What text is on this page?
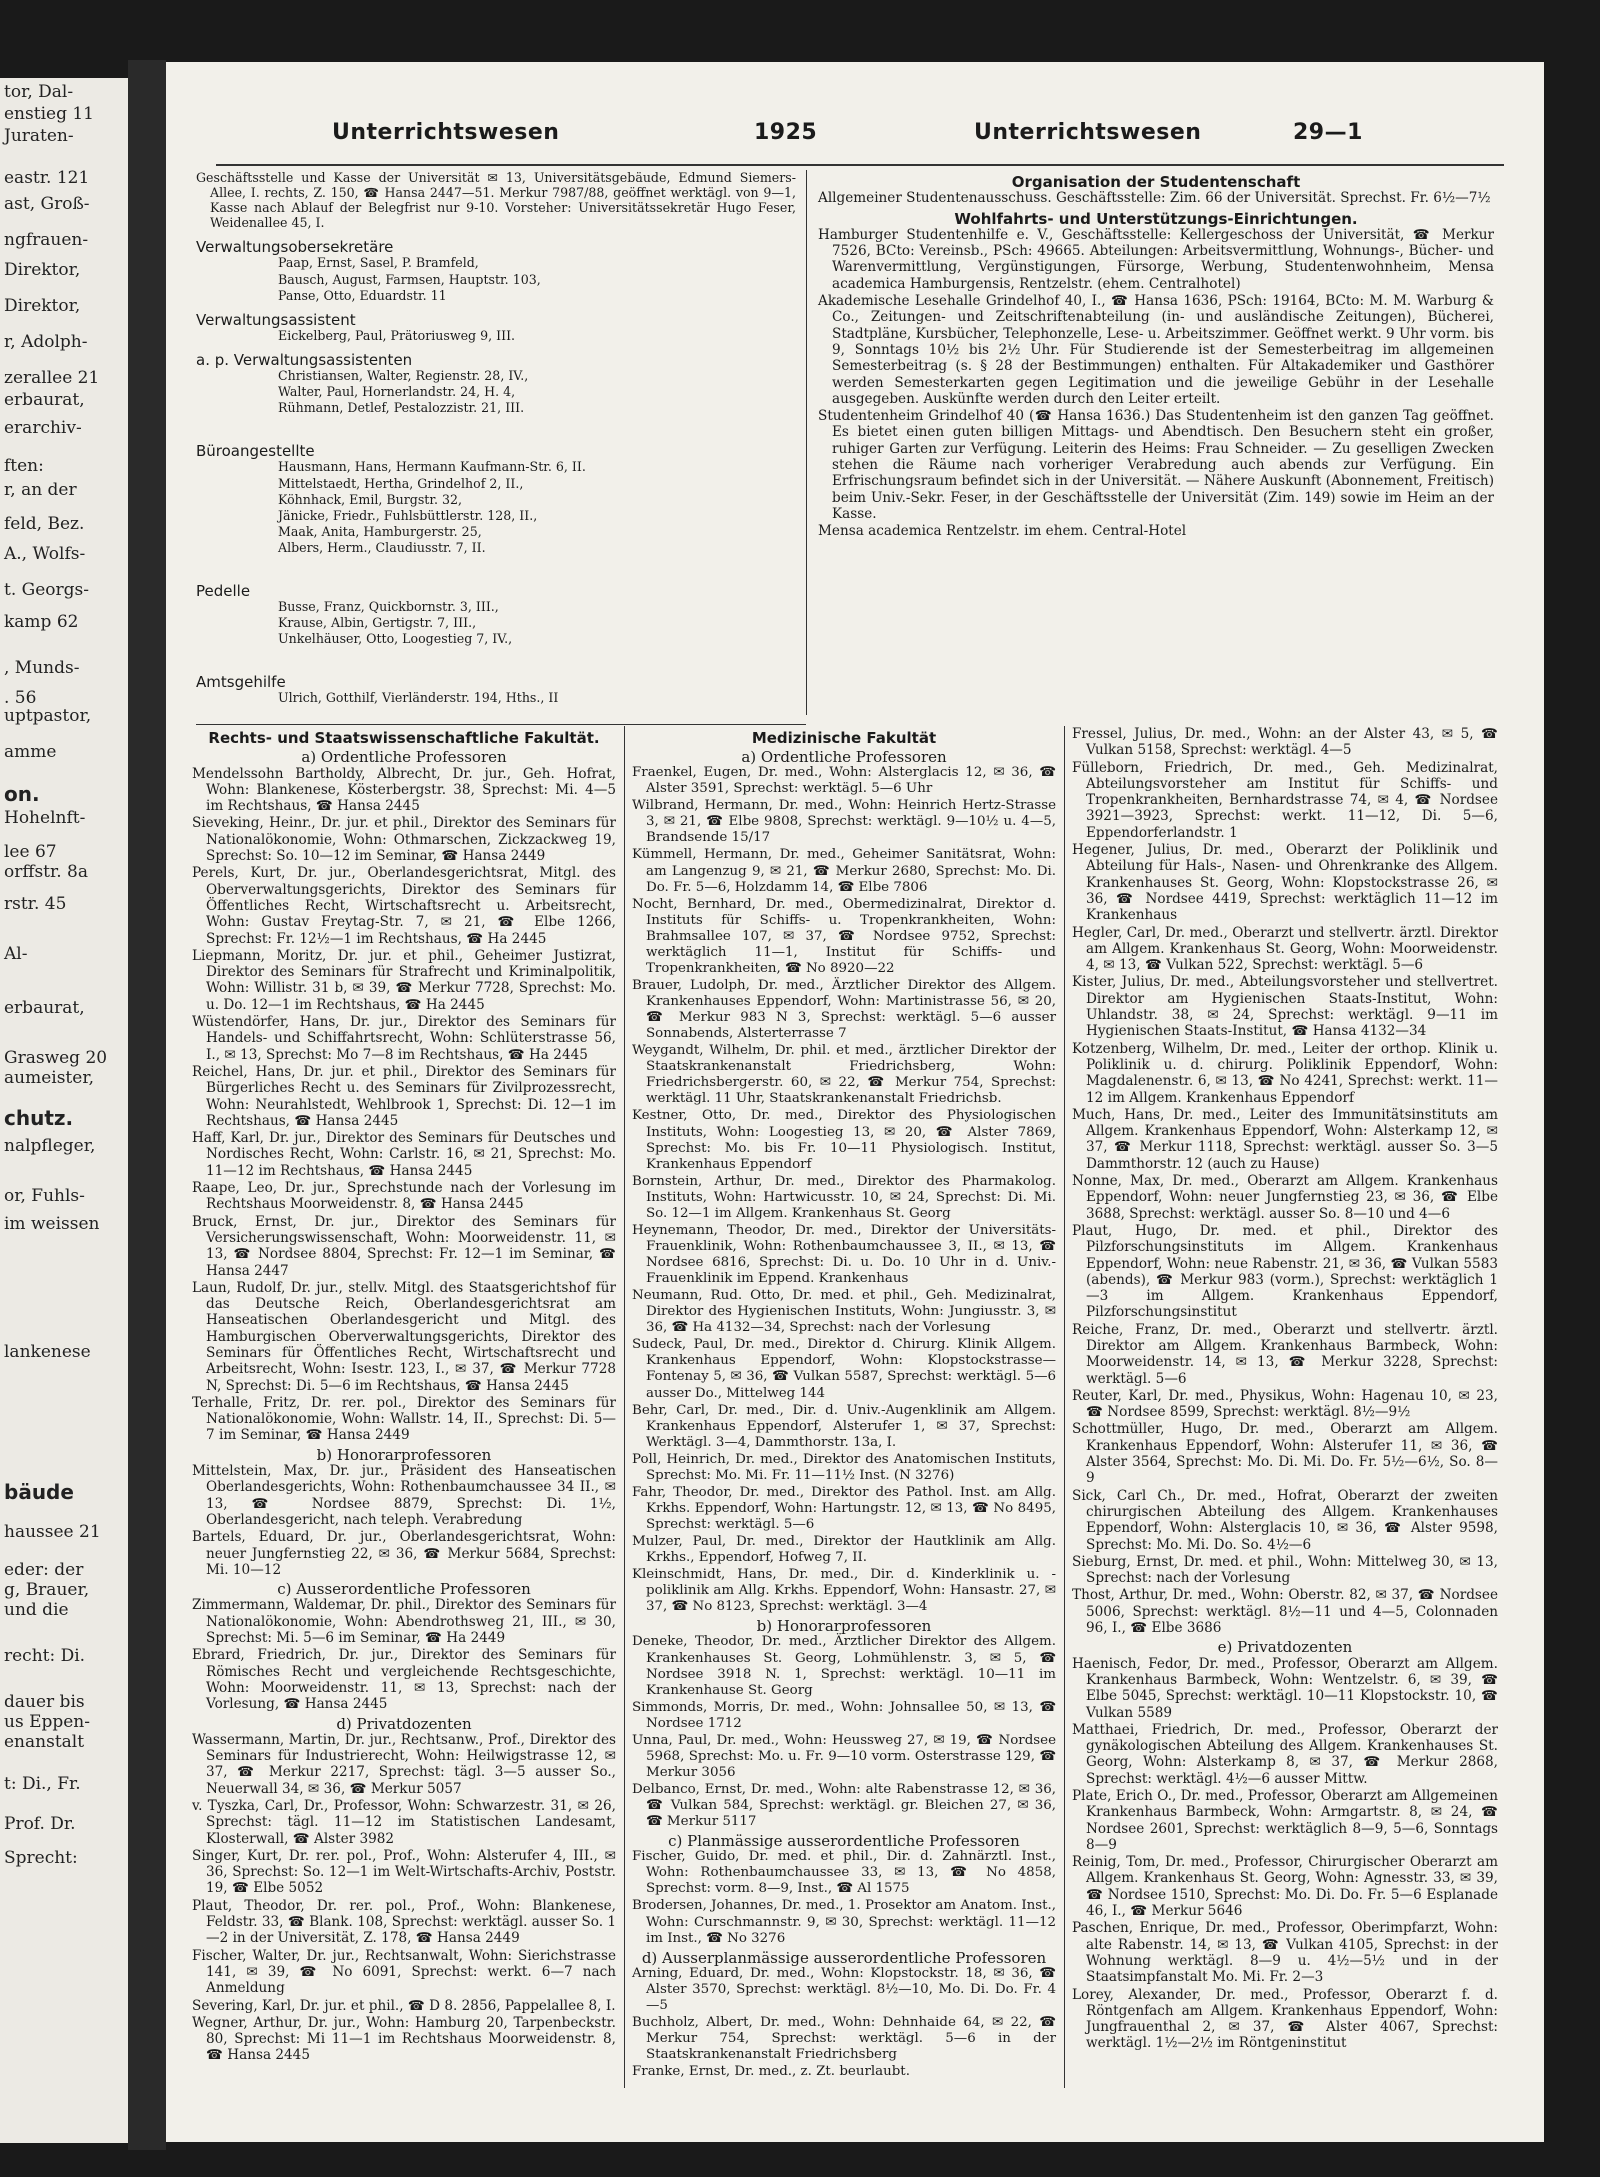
tor, Dal-
enstieg 11
Juraten-
eastr. 121
ast, Groß-
ngfrauen-
Direktor,
Direktor,
r, Adolph-
zerallee 21
erbaurat,
erarchiv-
ften:
r, an der
feld, Bez.
A., Wolfs-
t. Georgs-
kamp 62
, Munds-
. 56
uptpastor,
amme
on.
Hohelnft-
lee 67
orffstr. 8a
rstr. 45
Al-
erbaurat,
Grasweg 20
aumeister,
chutz.
nalpfleger,
or, Fuhls-
im weissen
lankenese
bäude
haussee 21
eder: der
g, Brauer,
und die
recht: Di.
dauer bis
us Eppen-
enanstalt
t: Di., Fr.
Prof. Dr.
Sprecht:
Unterrichtswesen	1925	Unterrichtswesen	29—1
Geschäftsstelle und Kasse der Universität ✉ 13, Universitätsgebäude, Edmund Siemers-Allee, I. rechts, Z. 150, ☎ Hansa 2447—51. Merkur 7987/88, geöffnet werktägl. von 9—1, Kasse nach Ablauf der Belegfrist nur 9-10. Vorsteher: Universitätssekretär Hugo Feser, Weidenallee 45, I.
Verwaltungsobersekretäre
Paap, Ernst, Sasel, P. Bramfeld,
Bausch, August, Farmsen, Hauptstr. 103,
Panse, Otto, Eduardstr. 11
Verwaltungsassistent
Eickelberg, Paul, Prätoriusweg 9, III.
a. p. Verwaltungsassistenten
Christiansen, Walter, Regienstr. 28, IV.,
Walter, Paul, Hornerlandstr. 24, H. 4,
Rühmann, Detlef, Pestalozzistr. 21, III.
Büroangestellte
Hausmann, Hans, Hermann Kaufmann-Str. 6, II.
Mittelstaedt, Hertha, Grindelhof 2, II.,
Köhnhack, Emil, Burgstr. 32,
Jänicke, Friedr., Fuhlsbüttlerstr. 128, II.,
Maak, Anita, Hamburgerstr. 25,
Albers, Herm., Claudiusstr. 7, II.
Pedelle
Busse, Franz, Quickbornstr. 3, III.,
Krause, Albin, Gertigstr. 7, III.,
Unkelhäuser, Otto, Loogestieg 7, IV.,
Amtsgehilfe
Ulrich, Gotthilf, Vierländerstr. 194, Hths., II
Organisation der Studentenschaft
Allgemeiner Studentenausschuss. Geschäftsstelle: Zim. 66 der Universität. Sprechst. Fr. 6½—7½
Wohlfahrts- und Unterstützungs-Einrichtungen.
Hamburger Studentenhilfe e. V., Geschäftsstelle: Kellergeschoss der Universität, ☎ Merkur 7526, BCto: Vereinsb., PSch: 49665. Abteilungen: Arbeitsvermittlung, Wohnungs-, Bücher- und Warenvermittlung, Vergünstigungen, Fürsorge, Werbung, Studentenwohnheim, Mensa academica Hamburgensis, Rentzelstr. (ehem. Centralhotel)
Akademische Lesehalle Grindelhof 40, I., ☎ Hansa 1636, PSch: 19164, BCto: M. M. Warburg & Co., Zeitungen- und Zeitschriftenabteilung (in- und ausländische Zeitungen), Bücherei, Stadtpläne, Kursbücher, Telephonzelle, Lese- u. Arbeitszimmer. Geöffnet werkt. 9 Uhr vorm. bis 9, Sonntags 10½ bis 2½ Uhr. Für Studierende ist der Semesterbeitrag im allgemeinen Semesterbeitrag (s. § 28 der Bestimmungen) enthalten. Für Altakademiker und Gasthörer werden Semesterkarten gegen Legitimation und die jeweilige Gebühr in der Lesehalle ausgegeben. Auskünfte werden durch den Leiter erteilt.
Studentenheim Grindelhof 40 (☎ Hansa 1636.) Das Studentenheim ist den ganzen Tag geöffnet. Es bietet einen guten billigen Mittags- und Abendtisch. Den Besuchern steht ein großer, ruhiger Garten zur Verfügung. Leiterin des Heims: Frau Schneider. — Zu geselligen Zwecken stehen die Räume nach vorheriger Verabredung auch abends zur Verfügung. Ein Erfrischungsraum befindet sich in der Universität. — Nähere Auskunft (Abonnement, Freitisch) beim Univ.-Sekr. Feser, in der Geschäftsstelle der Universität (Zim. 149) sowie im Heim an der Kasse.
Mensa academica Rentzelstr. im ehem. Central-Hotel
Rechts- und Staatswissenschaftliche Fakultät.
a) Ordentliche Professoren
Mendelssohn Bartholdy, Albrecht, Dr. jur., Geh. Hofrat, Wohn: Blankenese, Kösterbergstr. 38, Sprechst: Mi. 4—5 im Rechtshaus, ☎ Hansa 2445
Sieveking, Heinr., Dr. jur. et phil., Direktor des Seminars für Nationalökonomie, Wohn: Othmarschen, Zickzackweg 19, Sprechst: So. 10—12 im Seminar, ☎ Hansa 2449
Perels, Kurt, Dr. jur., Oberlandesgerichtsrat, Mitgl. des Oberverwaltungsgerichts, Direktor des Seminars für Öffentliches Recht, Wirtschaftsrecht u. Arbeitsrecht, Wohn: Gustav Freytag-Str. 7, ✉ 21, ☎ Elbe 1266, Sprechst: Fr. 12½—1 im Rechtshaus, ☎ Ha 2445
Liepmann, Moritz, Dr. jur. et phil., Geheimer Justizrat, Direktor des Seminars für Strafrecht und Kriminalpolitik, Wohn: Willistr. 31 b, ✉ 39, ☎ Merkur 7728, Sprechst: Mo. u. Do. 12—1 im Rechtshaus, ☎ Ha 2445
Wüstendörfer, Hans, Dr. jur., Direktor des Seminars für Handels- und Schiffahrtsrecht, Wohn: Schlüterstrasse 56, I., ✉ 13, Sprechst: Mo 7—8 im Rechtshaus, ☎ Ha 2445
Reichel, Hans, Dr. jur. et phil., Direktor des Seminars für Bürgerliches Recht u. des Seminars für Zivilprozessrecht, Wohn: Neurahlstedt, Wehlbrook 1, Sprechst: Di. 12—1 im Rechtshaus, ☎ Hansa 2445
Haff, Karl, Dr. jur., Direktor des Seminars für Deutsches und Nordisches Recht, Wohn: Carlstr. 16, ✉ 21, Sprechst: Mo. 11—12 im Rechtshaus, ☎ Hansa 2445
Raape, Leo, Dr. jur., Sprechstunde nach der Vorlesung im Rechtshaus Moorweidenstr. 8, ☎ Hansa 2445
Bruck, Ernst, Dr. jur., Direktor des Seminars für Versicherungswissenschaft, Wohn: Moorweidenstr. 11, ✉ 13, ☎ Nordsee 8804, Sprechst: Fr. 12—1 im Seminar, ☎ Hansa 2447
Laun, Rudolf, Dr. jur., stellv. Mitgl. des Staatsgerichtshof für das Deutsche Reich, Oberlandesgerichtsrat am Hanseatischen Oberlandesgericht und Mitgl. des Hamburgischen Oberverwaltungsgerichts, Direktor des Seminars für Öffentliches Recht, Wirtschaftsrecht und Arbeitsrecht, Wohn: Isestr. 123, I., ✉ 37, ☎ Merkur 7728 N, Sprechst: Di. 5—6 im Rechtshaus, ☎ Hansa 2445
Terhalle, Fritz, Dr. rer. pol., Direktor des Seminars für Nationalökonomie, Wohn: Wallstr. 14, II., Sprechst: Di. 5—7 im Seminar, ☎ Hansa 2449
b) Honorarprofessoren
Mittelstein, Max, Dr. jur., Präsident des Hanseatischen Oberlandesgerichts, Wohn: Rothenbaumchaussee 34 II., ✉ 13, ☎ Nordsee 8879, Sprechst: Di. 1½, Oberlandesgericht, nach teleph. Verabredung
Bartels, Eduard, Dr. jur., Oberlandesgerichtsrat, Wohn: neuer Jungfernstieg 22, ✉ 36, ☎ Merkur 5684, Sprechst: Mi. 10—12
c) Ausserordentliche Professoren
Zimmermann, Waldemar, Dr. phil., Direktor des Seminars für Nationalökonomie, Wohn: Abendrothsweg 21, III., ✉ 30, Sprechst: Mi. 5—6 im Seminar, ☎ Ha 2449
Ebrard, Friedrich, Dr. jur., Direktor des Seminars für Römisches Recht und vergleichende Rechtsgeschichte, Wohn: Moorweidenstr. 11, ✉ 13, Sprechst: nach der Vorlesung, ☎ Hansa 2445
d) Privatdozenten
Wassermann, Martin, Dr. jur., Rechtsanw., Prof., Direktor des Seminars für Industrierecht, Wohn: Heilwigstrasse 12, ✉ 37, ☎ Merkur 2217, Sprechst: tägl. 3—5 ausser So., Neuerwall 34, ✉ 36, ☎ Merkur 5057
v. Tyszka, Carl, Dr., Professor, Wohn: Schwarzestr. 31, ✉ 26, Sprechst: tägl. 11—12 im Statistischen Landesamt, Klosterwall, ☎ Alster 3982
Singer, Kurt, Dr. rer. pol., Prof., Wohn: Alsterufer 4, III., ✉ 36, Sprechst: So. 12—1 im Welt-Wirtschafts-Archiv, Poststr. 19, ☎ Elbe 5052
Plaut, Theodor, Dr. rer. pol., Prof., Wohn: Blankenese, Feldstr. 33, ☎ Blank. 108, Sprechst: werktägl. ausser So. 1—2 in der Universität, Z. 178, ☎ Hansa 2449
Fischer, Walter, Dr. jur., Rechtsanwalt, Wohn: Sierichstrasse 141, ✉ 39, ☎ No 6091, Sprechst: werkt. 6—7 nach Anmeldung
Severing, Karl, Dr. jur. et phil., ☎ D 8. 2856, Pappelallee 8, I.
Wegner, Arthur, Dr. jur., Wohn: Hamburg 20, Tarpenbeckstr. 80, Sprechst: Mi 11—1 im Rechtshaus Moorweidenstr. 8, ☎ Hansa 2445
Medizinische Fakultät
a) Ordentliche Professoren
Fraenkel, Eugen, Dr. med., Wohn: Alsterglacis 12, ✉ 36, ☎ Alster 3591, Sprechst: werktägl. 5—6 Uhr
Wilbrand, Hermann, Dr. med., Wohn: Heinrich Hertz-Strasse 3, ✉ 21, ☎ Elbe 9808, Sprechst: werktägl. 9—10½ u. 4—5, Brandsende 15/17
Kümmell, Hermann, Dr. med., Geheimer Sanitätsrat, Wohn: am Langenzug 9, ✉ 21, ☎ Merkur 2680, Sprechst: Mo. Di. Do. Fr. 5—6, Holzdamm 14, ☎ Elbe 7806
Nocht, Bernhard, Dr. med., Obermedizinalrat, Direktor d. Instituts für Schiffs- u. Tropenkrankheiten, Wohn: Brahmsallee 107, ✉ 37, ☎ Nordsee 9752, Sprechst: werktäglich 11—1, Institut für Schiffs- und Tropenkrankheiten, ☎ No 8920—22
Brauer, Ludolph, Dr. med., Ärztlicher Direktor des Allgem. Krankenhauses Eppendorf, Wohn: Martinistrasse 56, ✉ 20, ☎ Merkur 983 N 3, Sprechst: werktägl. 5—6 ausser Sonnabends, Alsterterrasse 7
Weygandt, Wilhelm, Dr. phil. et med., ärztlicher Direktor der Staatskrankenanstalt Friedrichsberg, Wohn: Friedrichsbergerstr. 60, ✉ 22, ☎ Merkur 754, Sprechst: werktägl. 11 Uhr, Staatskrankenanstalt Friedrichsb.
Kestner, Otto, Dr. med., Direktor des Physiologischen Instituts, Wohn: Loogestieg 13, ✉ 20, ☎ Alster 7869, Sprechst: Mo. bis Fr. 10—11 Physiologisch. Institut, Krankenhaus Eppendorf
Bornstein, Arthur, Dr. med., Direktor des Pharmakolog. Instituts, Wohn: Hartwicusstr. 10, ✉ 24, Sprechst: Di. Mi. So. 12—1 im Allgem. Krankenhaus St. Georg
Heynemann, Theodor, Dr. med., Direktor der Universitäts-Frauenklinik, Wohn: Rothenbaumchaussee 3, II., ✉ 13, ☎ Nordsee 6816, Sprechst: Di. u. Do. 10 Uhr in d. Univ.-Frauenklinik im Eppend. Krankenhaus
Neumann, Rud. Otto, Dr. med. et phil., Geh. Medizinalrat, Direktor des Hygienischen Instituts, Wohn: Jungiusstr. 3, ✉ 36, ☎ Ha 4132—34, Sprechst: nach der Vorlesung
Sudeck, Paul, Dr. med., Direktor d. Chirurg. Klinik Allgem. Krankenhaus Eppendorf, Wohn: Klopstockstrasse—Fontenay 5, ✉ 36, ☎ Vulkan 5587, Sprechst: werktägl. 5—6 ausser Do., Mittelweg 144
Behr, Carl, Dr. med., Dir. d. Univ.-Augenklinik am Allgem. Krankenhaus Eppendorf, Alsterufer 1, ✉ 37, Sprechst: Werktägl. 3—4, Dammthorstr. 13a, I.
Poll, Heinrich, Dr. med., Direktor des Anatomischen Instituts, Sprechst: Mo. Mi. Fr. 11—11½ Inst. (N 3276)
Fahr, Theodor, Dr. med., Direktor des Pathol. Inst. am Allg. Krkhs. Eppendorf, Wohn: Hartungstr. 12, ✉ 13, ☎ No 8495, Sprechst: werktägl. 5—6
Mulzer, Paul, Dr. med., Direktor der Hautklinik am Allg. Krkhs., Eppendorf, Hofweg 7, II.
Kleinschmidt, Hans, Dr. med., Dir. d. Kinderklinik u. -poliklinik am Allg. Krkhs. Eppendorf, Wohn: Hansastr. 27, ✉ 37, ☎ No 8123, Sprechst: werktägl. 3—4
b) Honorarprofessoren
Deneke, Theodor, Dr. med., Ärztlicher Direktor des Allgem. Krankenhauses St. Georg, Lohmühlenstr. 3, ✉ 5, ☎ Nordsee 3918 N. 1, Sprechst: werktägl. 10—11 im Krankenhause St. Georg
Simmonds, Morris, Dr. med., Wohn: Johnsallee 50, ✉ 13, ☎ Nordsee 1712
Unna, Paul, Dr. med., Wohn: Heussweg 27, ✉ 19, ☎ Nordsee 5968, Sprechst: Mo. u. Fr. 9—10 vorm. Osterstrasse 129, ☎ Merkur 3056
Delbanco, Ernst, Dr. med., Wohn: alte Rabenstrasse 12, ✉ 36, ☎ Vulkan 584, Sprechst: werktägl. gr. Bleichen 27, ✉ 36, ☎ Merkur 5117
c) Planmässige ausserordentliche Professoren
Fischer, Guido, Dr. med. et phil., Dir. d. Zahnärztl. Inst., Wohn: Rothenbaumchaussee 33, ✉ 13, ☎ No 4858, Sprechst: vorm. 8—9, Inst., ☎ Al 1575
Brodersen, Johannes, Dr. med., 1. Prosektor am Anatom. Inst., Wohn: Curschmannstr. 9, ✉ 30, Sprechst: werktägl. 11—12 im Inst., ☎ No 3276
d) Ausserplanmässige ausserordentliche Professoren
Arning, Eduard, Dr. med., Wohn: Klopstockstr. 18, ✉ 36, ☎ Alster 3570, Sprechst: werktägl. 8½—10, Mo. Di. Do. Fr. 4—5
Buchholz, Albert, Dr. med., Wohn: Dehnhaide 64, ✉ 22, ☎ Merkur 754, Sprechst: werktägl. 5—6 in der Staatskrankenanstalt Friedrichsberg
Franke, Ernst, Dr. med., z. Zt. beurlaubt.
Fressel, Julius, Dr. med., Wohn: an der Alster 43, ✉ 5, ☎ Vulkan 5158, Sprechst: werktägl. 4—5
Fülleborn, Friedrich, Dr. med., Geh. Medizinalrat, Abteilungsvorsteher am Institut für Schiffs- und Tropenkrankheiten, Bernhardstrasse 74, ✉ 4, ☎ Nordsee 3921—3923, Sprechst: werkt. 11—12, Di. 5—6, Eppendorferlandstr. 1
Hegener, Julius, Dr. med., Oberarzt der Poliklinik und Abteilung für Hals-, Nasen- und Ohrenkranke des Allgem. Krankenhauses St. Georg, Wohn: Klopstockstrasse 26, ✉ 36, ☎ Nordsee 4419, Sprechst: werktäglich 11—12 im Krankenhaus
Hegler, Carl, Dr. med., Oberarzt und stellvertr. ärztl. Direktor am Allgem. Krankenhaus St. Georg, Wohn: Moorweidenstr. 4, ✉ 13, ☎ Vulkan 522, Sprechst: werktägl. 5—6
Kister, Julius, Dr. med., Abteilungsvorsteher und stellvertret. Direktor am Hygienischen Staats-Institut, Wohn: Uhlandstr. 38, ✉ 24, Sprechst: werktägl. 9—11 im Hygienischen Staats-Institut, ☎ Hansa 4132—34
Kotzenberg, Wilhelm, Dr. med., Leiter der orthop. Klinik u. Poliklinik u. d. chirurg. Poliklinik Eppendorf, Wohn: Magdalenenstr. 6, ✉ 13, ☎ No 4241, Sprechst: werkt. 11—12 im Allgem. Krankenhaus Eppendorf
Much, Hans, Dr. med., Leiter des Immunitätsinstituts am Allgem. Krankenhaus Eppendorf, Wohn: Alsterkamp 12, ✉ 37, ☎ Merkur 1118, Sprechst: werktägl. ausser So. 3—5 Dammthorstr. 12 (auch zu Hause)
Nonne, Max, Dr. med., Oberarzt am Allgem. Krankenhaus Eppendorf, Wohn: neuer Jungfernstieg 23, ✉ 36, ☎ Elbe 3688, Sprechst: werktägl. ausser So. 8—10 und 4—6
Plaut, Hugo, Dr. med. et phil., Direktor des Pilzforschungsinstituts im Allgem. Krankenhaus Eppendorf, Wohn: neue Rabenstr. 21, ✉ 36, ☎ Vulkan 5583 (abends), ☎ Merkur 983 (vorm.), Sprechst: werktäglich 1—3 im Allgem. Krankenhaus Eppendorf, Pilzforschungsinstitut
Reiche, Franz, Dr. med., Oberarzt und stellvertr. ärztl. Direktor am Allgem. Krankenhaus Barmbeck, Wohn: Moorweidenstr. 14, ✉ 13, ☎ Merkur 3228, Sprechst: werktägl. 5—6
Reuter, Karl, Dr. med., Physikus, Wohn: Hagenau 10, ✉ 23, ☎ Nordsee 8599, Sprechst: werktägl. 8½—9½
Schottmüller, Hugo, Dr. med., Oberarzt am Allgem. Krankenhaus Eppendorf, Wohn: Alsterufer 11, ✉ 36, ☎ Alster 3564, Sprechst: Mo. Di. Mi. Do. Fr. 5½—6½, So. 8—9
Sick, Carl Ch., Dr. med., Hofrat, Oberarzt der zweiten chirurgischen Abteilung des Allgem. Krankenhauses Eppendorf, Wohn: Alsterglacis 10, ✉ 36, ☎ Alster 9598, Sprechst: Mo. Mi. Do. So. 4½—6
Sieburg, Ernst, Dr. med. et phil., Wohn: Mittelweg 30, ✉ 13, Sprechst: nach der Vorlesung
Thost, Arthur, Dr. med., Wohn: Oberstr. 82, ✉ 37, ☎ Nordsee 5006, Sprechst: werktägl. 8½—11 und 4—5, Colonnaden 96, I., ☎ Elbe 3686
e) Privatdozenten
Haenisch, Fedor, Dr. med., Professor, Oberarzt am Allgem. Krankenhaus Barmbeck, Wohn: Wentzelstr. 6, ✉ 39, ☎ Elbe 5045, Sprechst: werktägl. 10—11 Klopstockstr. 10, ☎ Vulkan 5589
Matthaei, Friedrich, Dr. med., Professor, Oberarzt der gynäkologischen Abteilung des Allgem. Krankenhauses St. Georg, Wohn: Alsterkamp 8, ✉ 37, ☎ Merkur 2868, Sprechst: werktägl. 4½—6 ausser Mittw.
Plate, Erich O., Dr. med., Professor, Oberarzt am Allgemeinen Krankenhaus Barmbeck, Wohn: Armgartstr. 8, ✉ 24, ☎ Nordsee 2601, Sprechst: werktäglich 8—9, 5—6, Sonntags 8—9
Reinig, Tom, Dr. med., Professor, Chirurgischer Oberarzt am Allgem. Krankenhaus St. Georg, Wohn: Agnesstr. 33, ✉ 39, ☎ Nordsee 1510, Sprechst: Mo. Di. Do. Fr. 5—6 Esplanade 46, I., ☎ Merkur 5646
Paschen, Enrique, Dr. med., Professor, Oberimpfarzt, Wohn: alte Rabenstr. 14, ✉ 13, ☎ Vulkan 4105, Sprechst: in der Wohnung werktägl. 8—9 u. 4½—5½ und in der Staatsimpfanstalt Mo. Mi. Fr. 2—3
Lorey, Alexander, Dr. med., Professor, Oberarzt f. d. Röntgenfach am Allgem. Krankenhaus Eppendorf, Wohn: Jungfrauenthal 2, ✉ 37, ☎ Alster 4067, Sprechst: werktägl. 1½—2½ im Röntgeninstitut
